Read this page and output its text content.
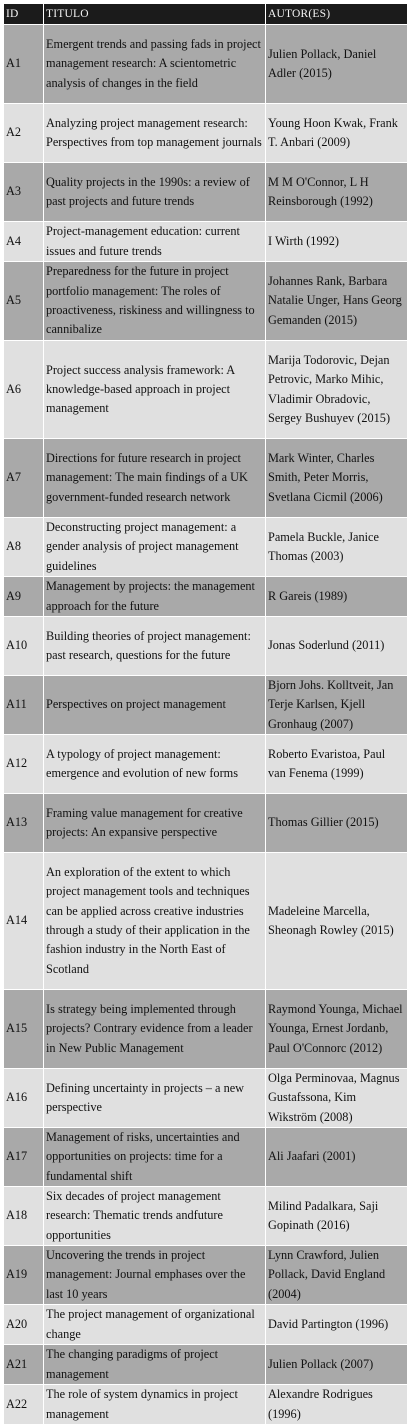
ID	TITULO	AUTOR(ES)
A1	Emergent trends and passing fads in project management research: A scientometric analysis of changes in the field	Julien Pollack, Daniel Adler (2015)
A2	Analyzing project management research: Perspectives from top management journals	Young Hoon Kwak, Frank T. Anbari (2009)
A3	Quality projects in the 1990s: a review of past projects and future trends	M M O'Connor, L H Reinsborough (1992)
A4	Project-management education: current issues and future trends	I Wirth (1992)
A5	Preparedness for the future in project portfolio management: The roles of proactiveness, riskiness and willingness to cannibalize	Johannes Rank, Barbara Natalie Unger, Hans Georg Gemanden (2015)
A6	Project success analysis framework: A knowledge-based approach in project management	Marija Todorovic, Dejan Petrovic, Marko Mihic, Vladimir Obradovic, Sergey Bushuyev (2015)
A7	Directions for future research in project management: The main findings of a UK government-funded research network	Mark Winter, Charles Smith, Peter Morris, Svetlana Cicmil (2006)
A8	Deconstructing project management: a gender analysis of project management guidelines	Pamela Buckle, Janice Thomas (2003)
A9	Management by projects: the management approach for the future	R Gareis (1989)
A10	Building theories of project management: past research, questions for the future	Jonas Soderlund (2011)
A11	Perspectives on project management	Bjorn Johs. Kolltveit, Jan Terje Karlsen, Kjell Gronhaug (2007)
A12	A typology of project management: emergence and evolution of new forms	Roberto Evaristoa, Paul van Fenema (1999)
A13	Framing value management for creative projects: An expansive perspective	Thomas Gillier (2015)
A14	An exploration of the extent to which project management tools and techniques can be applied across creative industries through a study of their application in the fashion industry in the North East of Scotland	Madeleine Marcella, Sheonagh Rowley (2015)
A15	Is strategy being implemented through projects? Contrary evidence from a leader in New Public Management	Raymond Younga, Michael Younga, Ernest Jordanb, Paul O'Connorc (2012)
A16	Defining uncertainty in projects – a new perspective	Olga Perminovaa, Magnus Gustafssona, Kim Wikström (2008)
A17	Management of risks, uncertainties and opportunities on projects: time for a fundamental shift	Ali Jaafari (2001)
A18	Six decades of project management research: Thematic trends andfuture opportunities	Milind Padalkara, Saji Gopinath (2016)
A19	Uncovering the trends in project management: Journal emphases over the last 10 years	Lynn Crawford, Julien Pollack, David England (2004)
A20	The project management of organizational change	David Partington (1996)
A21	The changing paradigms of project management	Julien Pollack (2007)
A22	The role of system dynamics in project management	Alexandre Rodrigues (1996)
